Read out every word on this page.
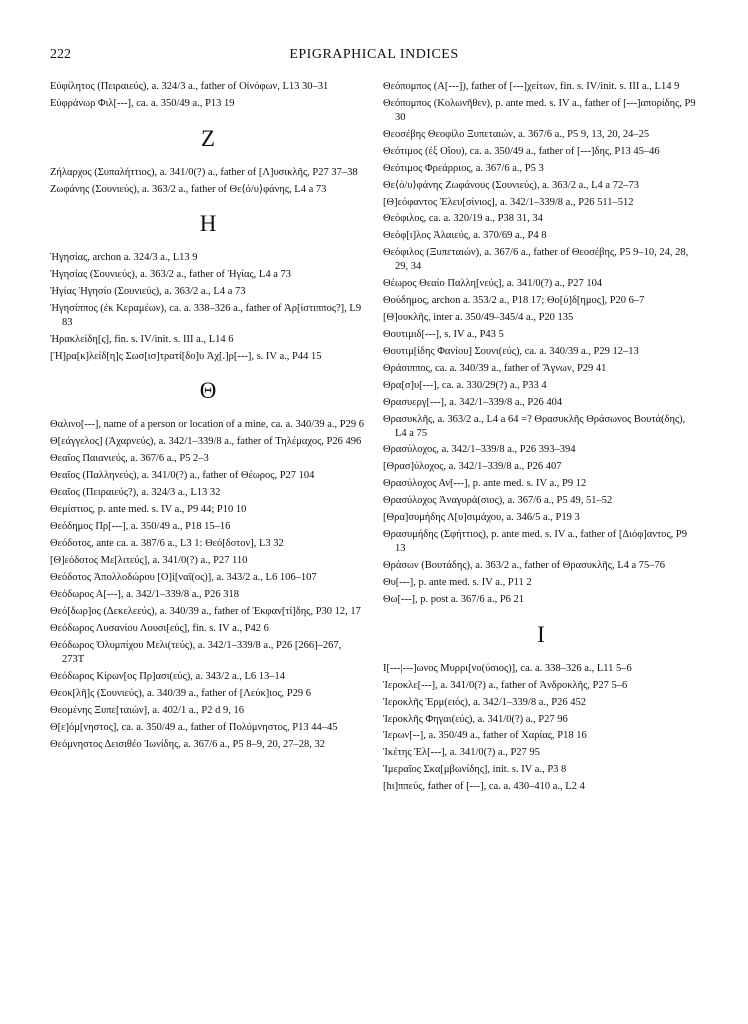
222	EPIGRAPHICAL INDICES
Εὐφίλητος (Πειραιεύς), a. 324/3 a., father of Οἰνόφων, L13 30–31
Εὐφράνωρ Φιλ[---], ca. a. 350/49 a., P13 19
Z
Ζήλαρχος (Συπαλήττιος), a. 341/0(?) a., father of [Λ]υσικλῆς, P27 37–38
Ζωφάνης (Σουνιεύς), a. 363/2 a., father of Θε⟨ό/υ⟩φάνης, L4 a 73
H
Ἡγησίας, archon a. 324/3 a., L13 9
Ἡγησίας (Σουνιεύς), a. 363/2 a., father of Ἡγίας, L4 a 73
Ἡγίας Ἡγησίο (Σουνιεύς), a. 363/2 a., L4 a 73
Ἡγησίππος (ἐκ Κεραμέων), ca. a. 338–326 a., father of Ἀρ[ίστιππος?], L9 83
Ἡρακλείδη[ς], fin. s. IV/init. s. III a., L14 6
[Ἡ]ρα[κ]λείδ[η]ς Σωσ[ισ]τρατί[δο]υ Ἀχ[.]ρ[---], s. IV a., P44 15
Θ
Θαλινο[---], name of a person or location of a mine, ca. a. 340/39 a., P29 6
Θ[εάγγελος] (Ἀχαρνεύς), a. 342/1–339/8 a., father of Τηλέμαχος, P26 496
Θεαῖος Παιανιεύς, a. 367/6 a., P5 2–3
Θεαῖος (Παλληνεύς), a. 341/0(?) a., father of Θέωρος, P27 104
Θεαῖος (Πειραιεύς?), a. 324/3 a., L13 32
Θεμίστιος, p. ante med. s. IV a., P9 44; P10 10
Θεόδημος Πρ[---], a. 350/49 a., P18 15–16
Θεόδοτος, ante ca. a. 387/6 a., L3 1: Θεό[δοτον], L3 32
[Θ]εόδοτος Με[λιτεύς], a. 341/0(?) a., P27 110
Θεόδοτος Ἀπολλοδώρου [Ο]ἰ[ναῖ(ος)], a. 343/2 a., L6 106–107
Θεόδωρος Α[---], a. 342/1–339/8 a., P26 318
Θεό[δωρ]ος (Δεκελεεύς), a. 340/39 a., father of Ἐκφαν[τί]δης, P30 12, 17
Θεόδωρος Λυσανίου Λουσι[εύς], fin. s. IV a., P42 6
Θεόδωρος Ὀλυμπίχου Μελι(τεύς), a. 342/1–339/8 a., P26 [266]–267, 273T
Θεόδωρος Κίρων[ος Πρ]ασι(εύς), a. 343/2 a., L6 13–14
Θεοκ[λῆ]ς (Σουνιεύς), a. 340/39 a., father of [Λεύκ]ιος, P29 6
Θεομένης Ξυπε[ταιών], a. 402/1 a., P2 d 9, 16
Θ[ε]όμ[νηστος], ca. a. 350/49 a., father of Πολύμνηστος, P13 44–45
Θεόμνηστος Δεισιθέο Ἰωνίδης, a. 367/6 a., P5 8–9, 20, 27–28, 32
Θεόπομπος (Α[---]), father of [---]χείτων, fin. s. IV/init. s. III a., L14 9
Θεόπομπος (Κολωνῆθεν), p. ante med. s. IV a., father of [---]απορίδης, P9 30
Θεοσέβης Θεοφίλο Ξυπεταιών, a. 367/6 a., P5 9, 13, 20, 24–25
Θεότιμος (ἐξ Οἴου), ca. a. 350/49 a., father of [---]δης, P13 45–46
Θεότιμος Φρεάρριος, a. 367/6 a., P5 3
Θε⟨ό/υ⟩φάνης Ζωφάνους (Σουνιεύς), a. 363/2 a., L4 a 72–73
[Θ]εόφαντος Ἐλευ[σίνιος], a. 342/1–339/8 a., P26 511–512
Θεόφιλος, ca. a. 320/19 a., P38 31, 34
Θεόφ[ι]λος Ἁλαιεύς, a. 370/69 a., P4 8
Θεόφιλος (Ξυπεταιών), a. 367/6 a., father of Θεοσέβης, P5 9–10, 24, 28, 29, 34
Θέωρος Θεαίο Παλλη[νεύς], a. 341/0(?) a., P27 104
Θούδημος, archon a. 353/2 a., P18 17; Θο[ύ]δ[ημος], P20 6–7
[Θ]ουκλῆς, inter a. 350/49–345/4 a., P20 135
Θουτιμιδ[---], s. IV a., P43 5
Θουτιμ[ίδης Φανίου] Σουνι(εύς), ca. a. 340/39 a., P29 12–13
Θράσιππος, ca. a. 340/39 a., father of Ἄγνων, P29 41
Θρα[σ]υ[---], ca. a. 330/29(?) a., P33 4
Θρασυεργ[---], a. 342/1–339/8 a., P26 404
Θρασυκλῆς, a. 363/2 a., L4 a 64 =? Θρασυκλῆς Θράσωνος Βουτά(δης), L4 a 75
Θρασύλοχος, a. 342/1–339/8 a., P26 393–394
[Θρασ]ύλοχος, a. 342/1–339/8 a., P26 407
Θρασύλοχος Αν[---], p. ante med. s. IV a., P9 12
Θρασύλοχος Ἀναγυρά(σιος), a. 367/6 a., P5 49, 51–52
[Θρα]συμήδης Λ[υ]σιμάχου, a. 346/5 a., P19 3
Θρασυμήδης (Σφήττιος), p. ante med. s. IV a., father of [Διόφ]αντος, P9 13
Θράσων (Βουτάδης), a. 363/2 a., father of Θρασυκλῆς, L4 a 75–76
Θυ[---], p. ante med. s. IV a., P11 2
Θω[---], p. post a. 367/6 a., P6 21
I
Ι[---|---]ωνος Μυρρι[νο(ύσιος)], ca. a. 338–326 a., L11 5–6
Ἱεροκλε[---], a. 341/0(?) a., father of Ἀνδροκλῆς, P27 5–6
Ἱεροκλῆς Ἑρμ(ειός), a. 342/1–339/8 a., P26 452
Ἱεροκλῆς Φηγαι(εύς), a. 341/0(?) a., P27 96
Ἱερων[--], a. 350/49 a., father of Χαρίας, P18 16
Ἱκέτης Ἐλ[---], a. 341/0(?) a., P27 95
Ἱμεραῖος Σκα[μβωνίδης], init. s. IV a., P3 8
[hι]ππεύς, father of [---], ca. a. 430–410 a., L2 4
